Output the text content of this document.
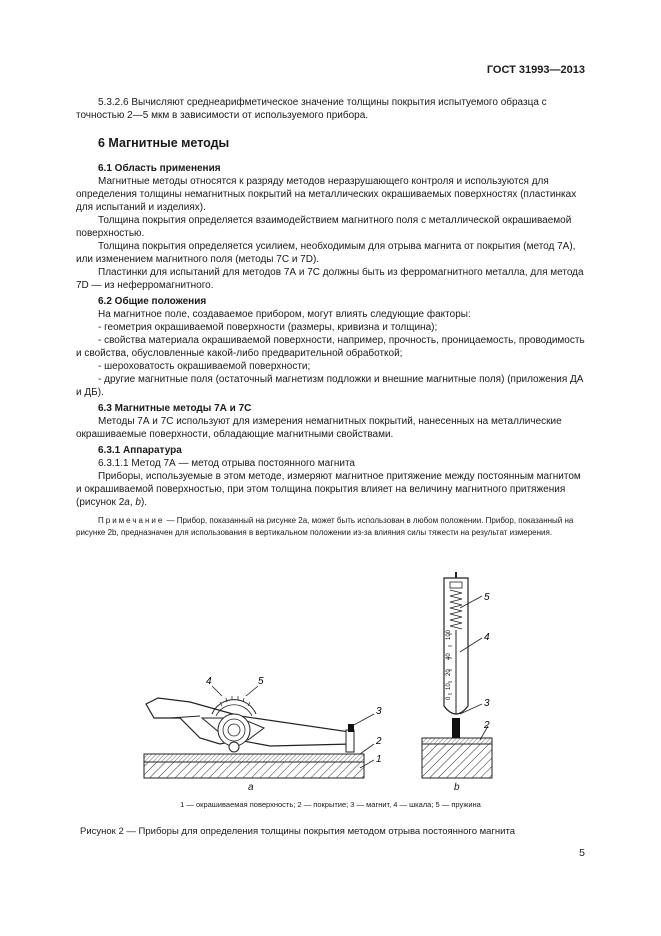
ГОСТ 31993—2013

5.3.2.6 Вычисляют среднеарифметическое значение толщины покрытия испытуемого образца с точностью 2—5 мкм в зависимости от используемого прибора.

6 Магнитные методы

6.1 Область применения

Магнитные методы относятся к разряду методов неразрушающего контроля и используются для определения толщины немагнитных покрытий на металлических окрашиваемых поверхностях (пластинках для испытаний и изделиях).

Толщина покрытия определяется взаимодействием магнитного поля с металлической окрашиваемой поверхностью.

Толщина покрытия определяется усилием, необходимым для отрыва магнита от покрытия (метод 7А), или изменением магнитного поля (методы 7С и 7D).

Пластинки для испытаний для методов 7А и 7С должны быть из ферромагнитного металла, для метода 7D — из неферромагнитного.

6.2 Общие положения

На магнитное поле, создаваемое прибором, могут влиять следующие факторы:

- геометрия окрашиваемой поверхности (размеры, кривизна и толщина);

- свойства материала окрашиваемой поверхности, например, прочность, проницаемость, проводимость и свойства, обусловленные какой-либо предварительной обработкой;

- шероховатость окрашиваемой поверхности;

- другие магнитные поля (остаточный магнетизм подложки и внешние магнитные поля) (приложения ДА и ДБ).

6.3 Магнитные методы 7А и 7С

Методы 7А и 7С используют для измерения немагнитных покрытий, нанесенных на металлические окрашиваемые поверхности, обладающие магнитными свойствами.

6.3.1 Аппаратура

6.3.1.1 Метод 7А — метод отрыва постоянного магнита

Приборы, используемые в этом методе, измеряют магнитное притяжение между постоянным магнитом и окрашиваемой поверхностью, при этом толщина покрытия влияет на величину магнитного притяжения (рисунок 2a, b).

Примечание — Прибор, показанный на рисунке 2a, может быть использован в любом положении. Прибор, показанный на рисунке 2b, предназначен для использования в вертикальном положении из-за влияния силы тяжести на результат измерения.

4	5
3
2
1
100
40
20
10
0
5
4
3
2
a	b
1 — окрашиваемая поверхность; 2 — покрытие; 3 — магнит, 4 — шкала; 5 — пружина
Рисунок 2 — Приборы для определения толщины покрытия методом отрыва постоянного магнита
5
